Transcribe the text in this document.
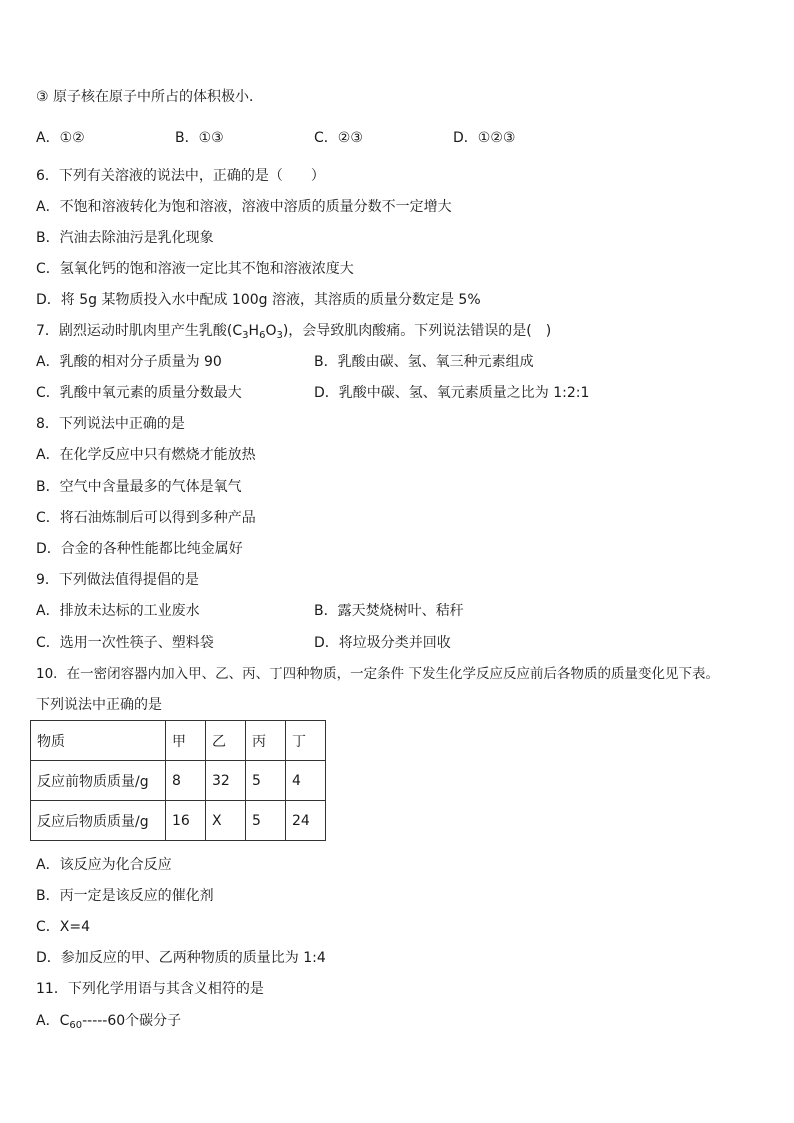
③ 原子核在原子中所占的体积极小．
A．①②	B．①③	C．②③	D．①②③
6．下列有关溶液的说法中，正确的是（　　）
A．不饱和溶液转化为饱和溶液，溶液中溶质的质量分数不一定增大
B．汽油去除油污是乳化现象
C．氢氧化钙的饱和溶液一定比其不饱和溶液浓度大
D．将 5g 某物质投入水中配成 100g 溶液，其溶质的质量分数定是 5%
7．剧烈运动时肌肉里产生乳酸$(C_3H_6O_3)$，会导致肌肉酸痛。下列说法错误的是(　)
A．乳酸的相对分子质量为 90	B．乳酸由碳、氢、氧三种元素组成
C．乳酸中氧元素的质量分数最大	D．乳酸中碳、氢、氧元素质量之比为 1:2:1
8．下列说法中正确的是
A．在化学反应中只有燃烧才能放热
B．空气中含量最多的气体是氧气
C．将石油炼制后可以得到多种产品
D．合金的各种性能都比纯金属好
9．下列做法值得提倡的是
A．排放未达标的工业废水	B．露天焚烧树叶、秸秆
C．选用一次性筷子、塑料袋	D．将垃圾分类并回收
10．在一密闭容器内加入甲、乙、丙、丁四种物质，一定条件 下发生化学反应反应前后各物质的质量变化见下表。
下列说法中正确的是
物质	甲	乙	丙	丁
反应前物质质量/g	8	32	5	4
反应后物质质量/g	16	X	5	24
A．该反应为化合反应
B．丙一定是该反应的催化剂
C．X=4
D．参加反应的甲、乙两种物质的质量比为 1:4
11．下列化学用语与其含义相符的是
A．$C_{60}-----60$个碳分子
